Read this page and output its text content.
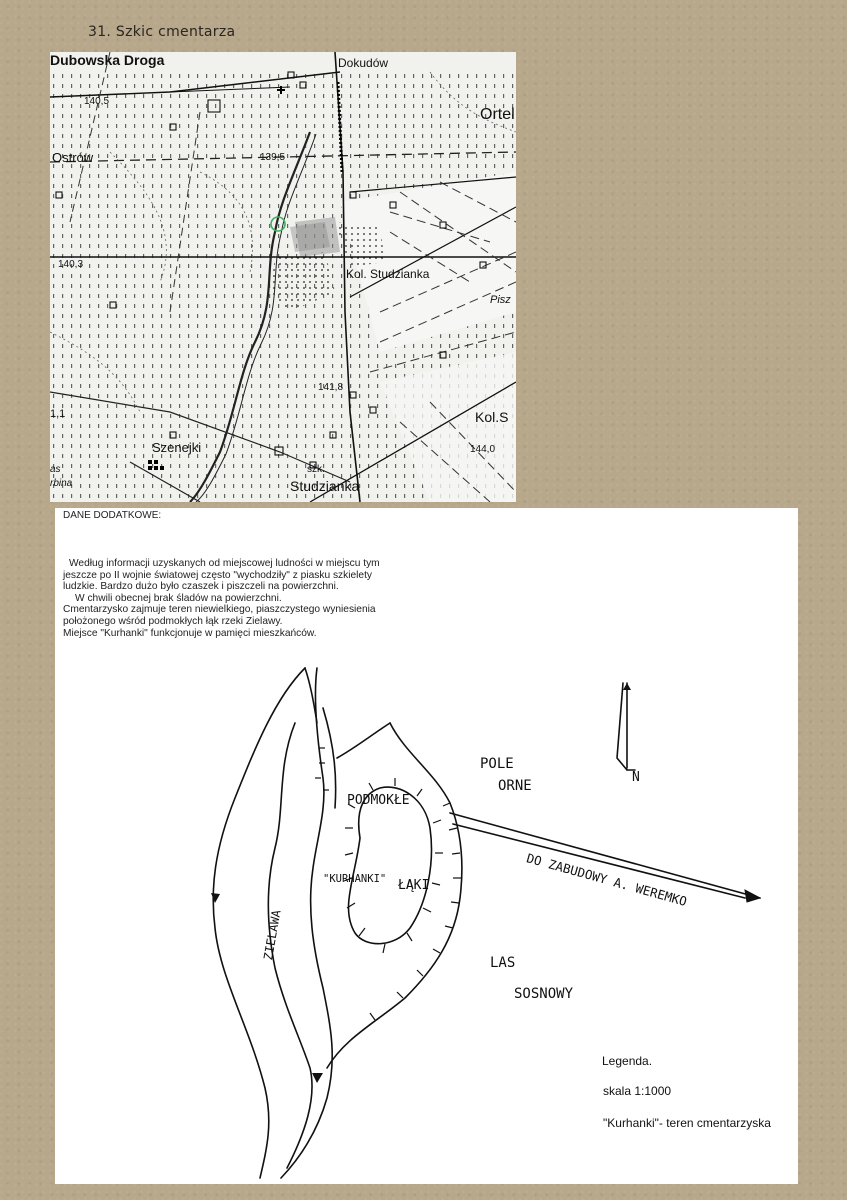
31. Szkic cmentarza
Dubowska Droga	Dokudów
Ortel
Ostrów
140,5
139,5
140,3
Kol. Studzianka
Pisz
141,8
Kol.S
144,0
Szenejki
szk.
Studzianka
1,1
as
rbina
DANE DODATKOWE:
Według informacji uzyskanych od miejscowej ludności w miejscu tym
jeszcze po II wojnie światowej często "wychodziły" z piasku szkielety
ludzkie. Bardzo dużo było czaszek i piszczeli na powierzchni.
W chwili obecnej brak śladów na powierzchni.
Cmentarzysko zajmuje teren niewielkiego, piaszczystego wyniesienia
położonego wśród podmokłych łąk rzeki Zielawy.
Miejsce "Kurhanki" funkcjonuje w pamięci mieszkańców.
POLE
ORNE
PODMOKŁE
ŁĄKI
"KURHANKI"
ZIELAWA
DO ZABUDOWY A. WEREMKO
LAS
SOSNOWY
N
Legenda.
skala 1:1000
"Kurhanki"- teren cmentarzyska
